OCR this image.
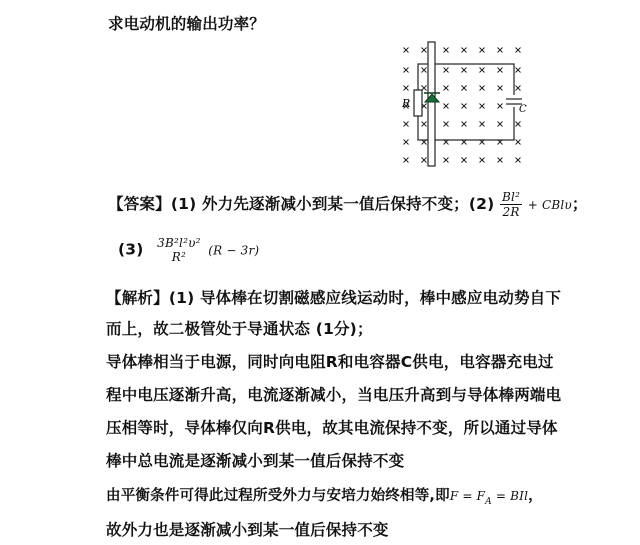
求电动机的输出功率？
R	C
【答案】(1) 外力先逐渐减小到某一值后保持不变；$(2) \frac{\text{Bl²}}{2R} + CBl\upsilon$；
(3) 3B²l²υ²
R²	(R − 3r)
【解析】(1) 导体棒在切割磁感应线运动时，棒中感应电动势自下
而上，故二极管处于导通状态 (1分)；
导体棒相当于电源，同时向电阻R和电容器C供电，电容器充电过
程中电压逐渐升高，电流逐渐减小，当电压升高到与导体棒两端电
压相等时，导体棒仅向R供电，故其电流保持不变，所以通过导体
棒中总电流是逐渐减小到某一值后保持不变
由平衡条件可得此过程所受外力与安培力始终相等,即$F = F_A$ = BIl，
故外力也是逐渐减小到某一值后保持不变
